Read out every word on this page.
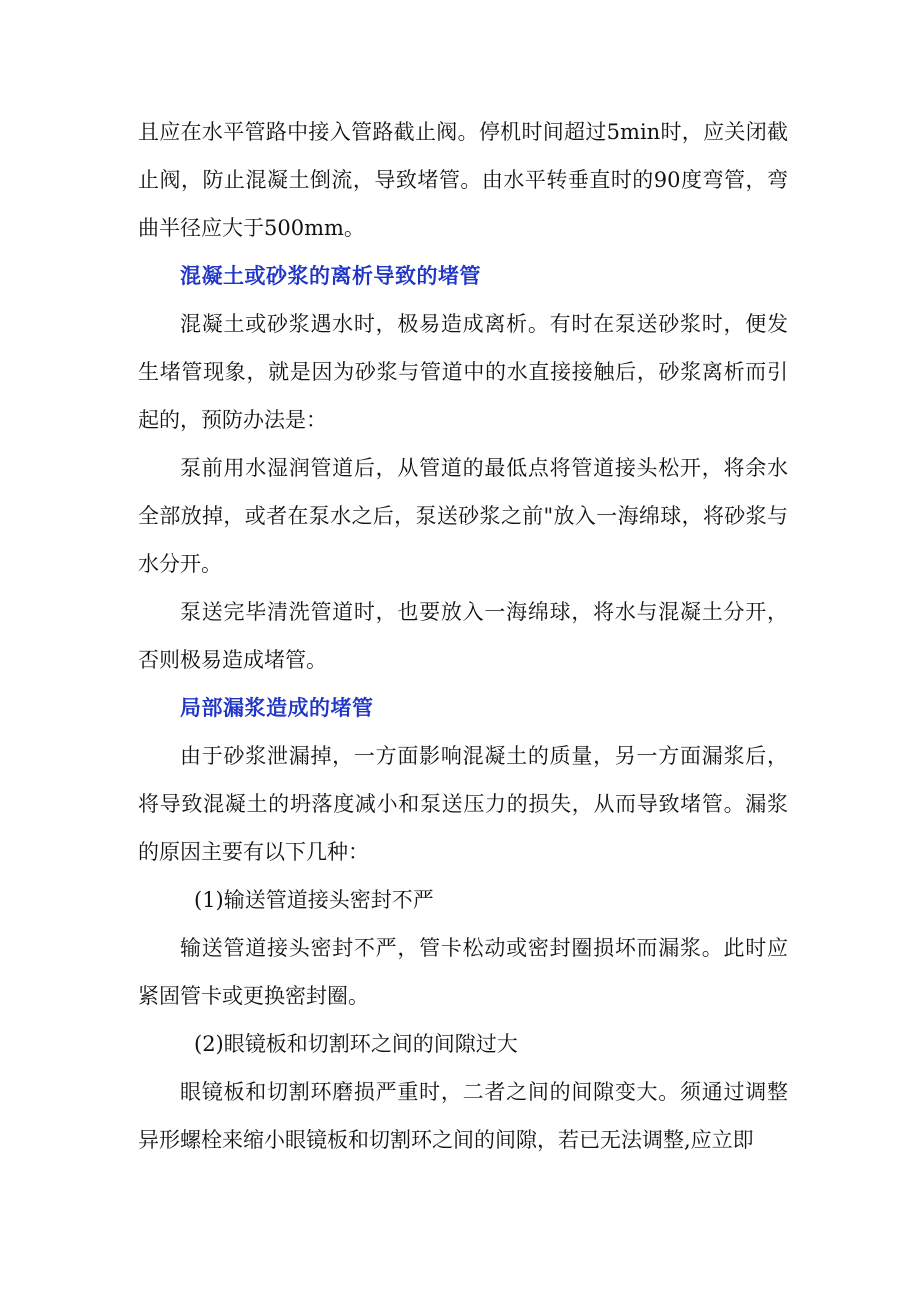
且应在水平管路中接入管路截止阀。停机时间超过5min时，应关闭截止阀，防止混凝土倒流，导致堵管。由水平转垂直时的90度弯管，弯曲半径应大于500mm。

混凝土或砂浆的离析导致的堵管

混凝土或砂浆遇水时，极易造成离析。有时在泵送砂浆时，便发生堵管现象，就是因为砂浆与管道中的水直接接触后，砂浆离析而引起的，预防办法是：

泵前用水湿润管道后，从管道的最低点将管道接头松开，将余水全部放掉，或者在泵水之后，泵送砂浆之前"放入一海绵球，将砂浆与水分开。

泵送完毕清洗管道时，也要放入一海绵球，将水与混凝土分开，否则极易造成堵管。

局部漏浆造成的堵管

由于砂浆泄漏掉，一方面影响混凝土的质量，另一方面漏浆后，将导致混凝土的坍落度减小和泵送压力的损失，从而导致堵管。漏浆的原因主要有以下几种：

(1)输送管道接头密封不严

输送管道接头密封不严，管卡松动或密封圈损坏而漏浆。此时应紧固管卡或更换密封圈。

(2)眼镜板和切割环之间的间隙过大

眼镜板和切割环磨损严重时，二者之间的间隙变大。须通过调整异形螺栓来缩小眼镜板和切割环之间的间隙，若已无法调整,应立即
